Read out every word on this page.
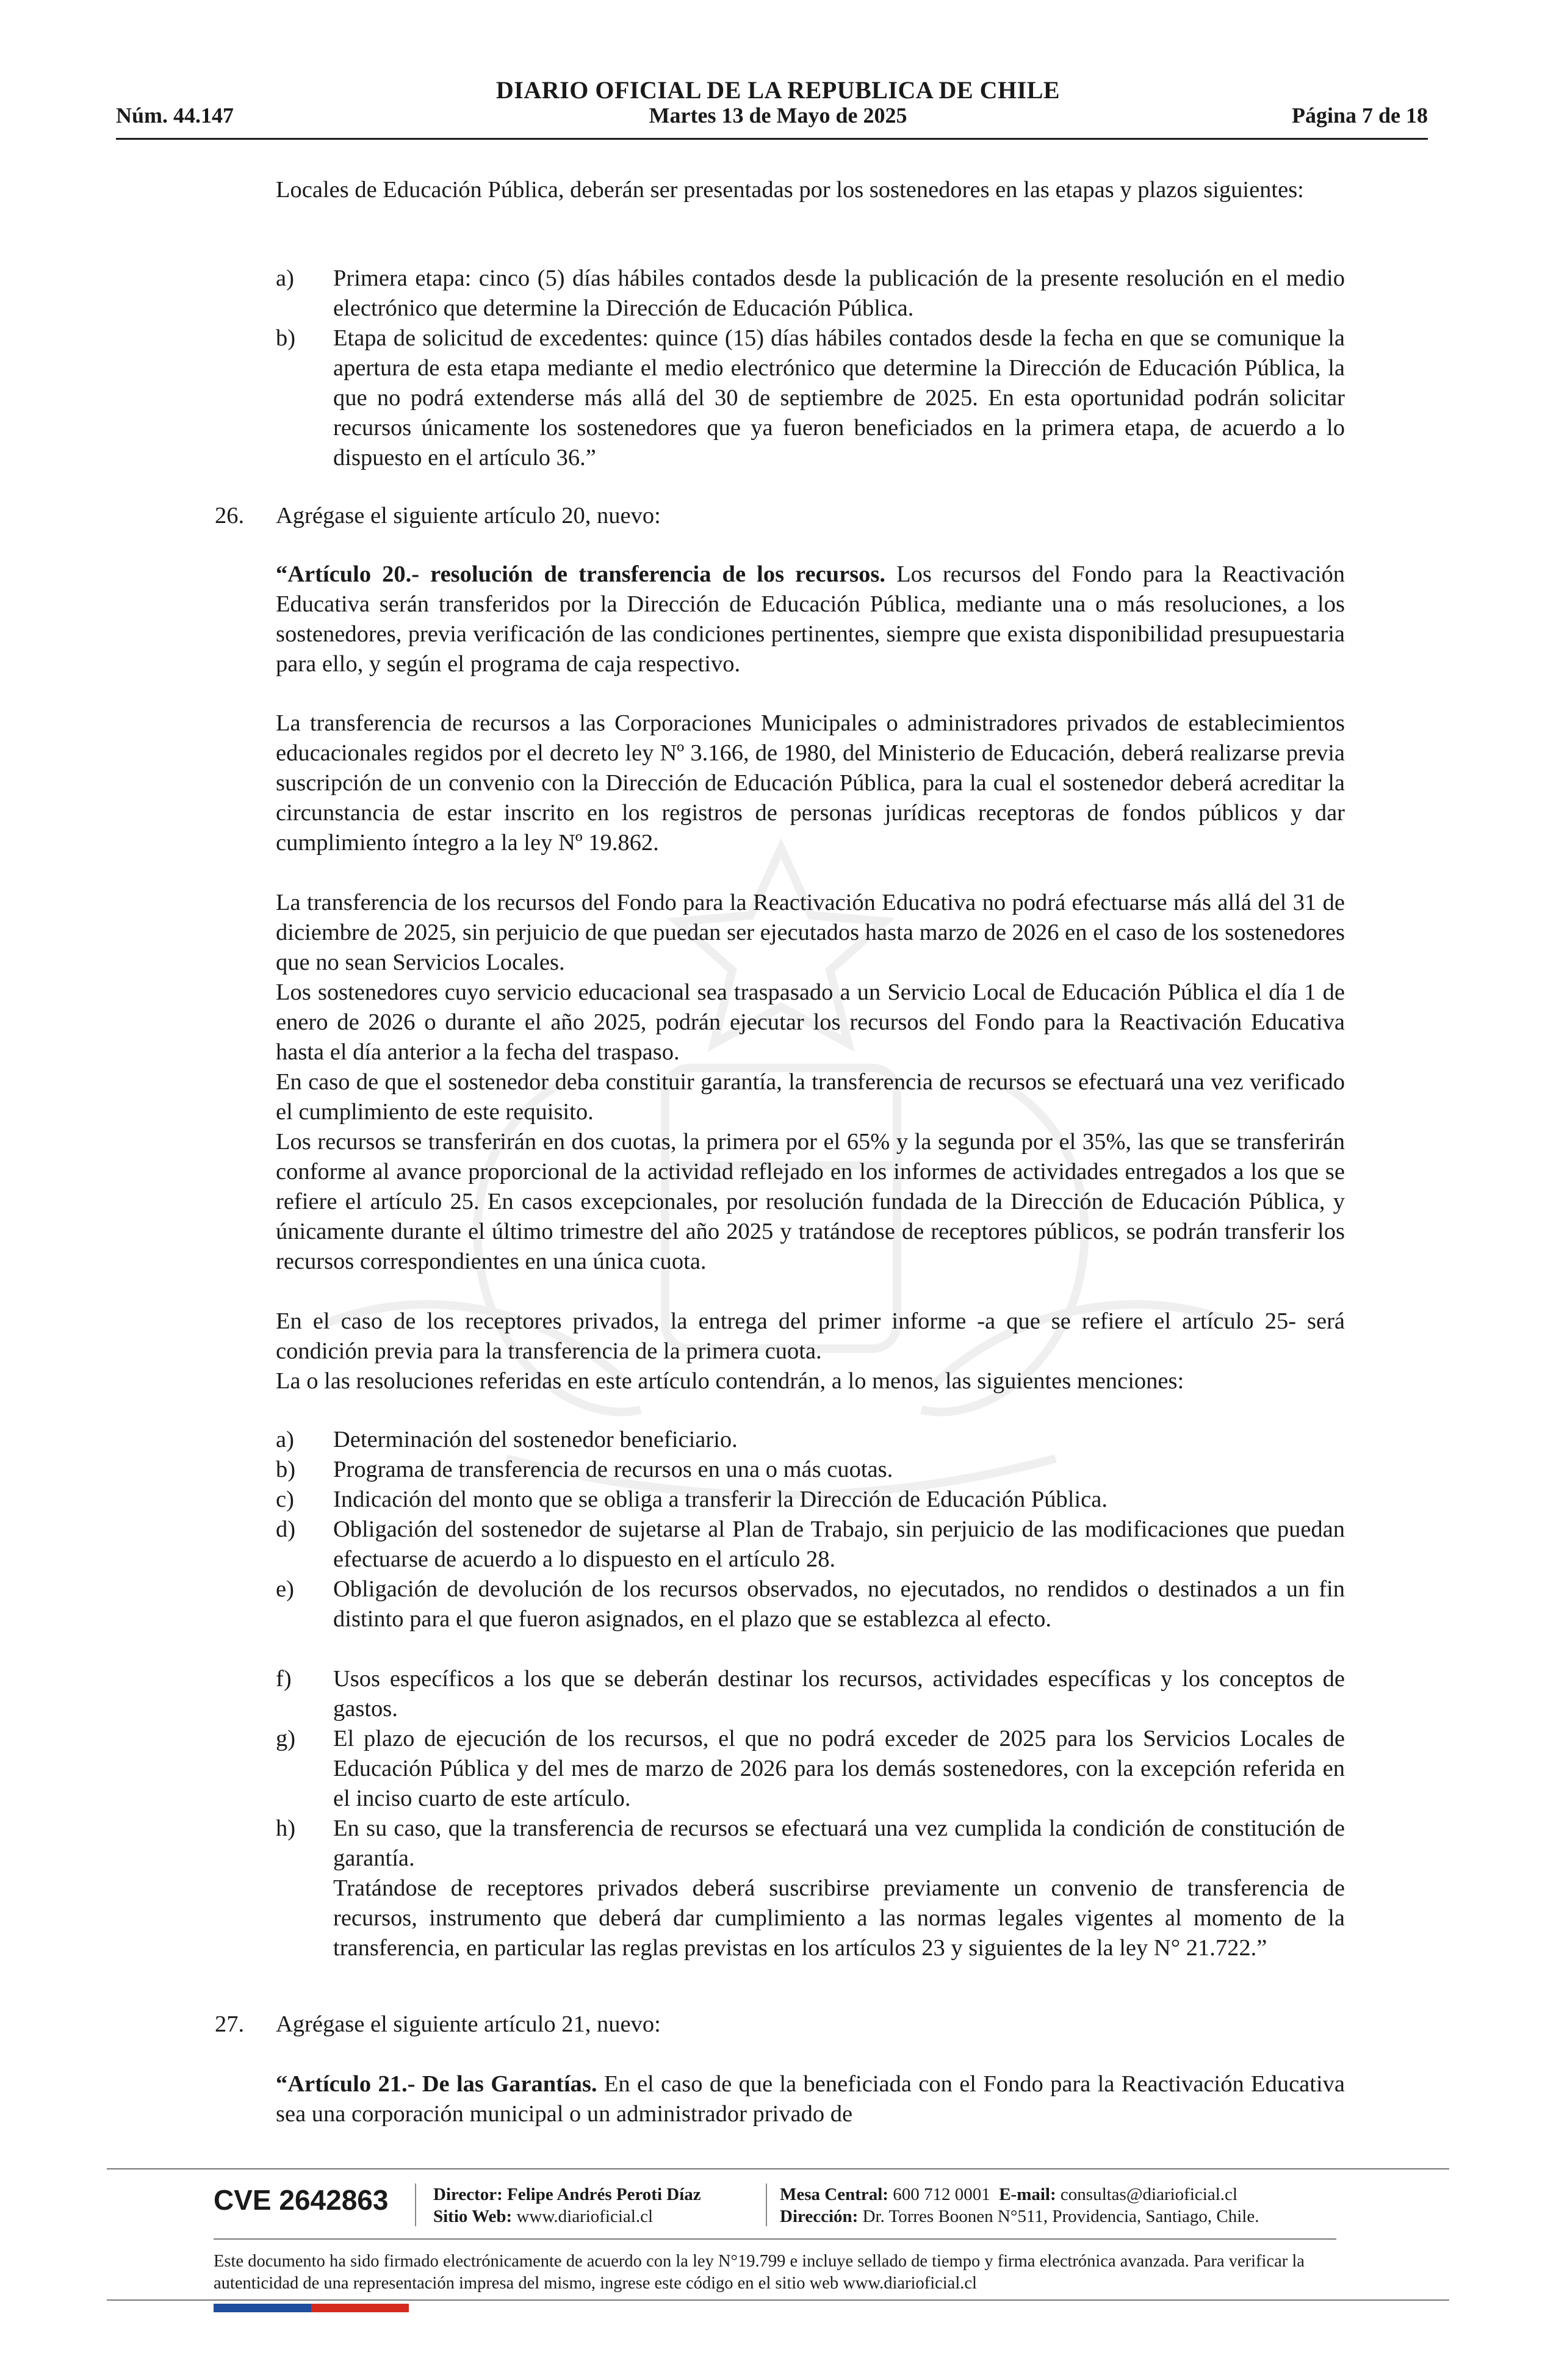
DIARIO OFICIAL DE LA REPUBLICA DE CHILE
Núm. 44.147	Martes 13 de Mayo de 2025	Página 7 de 18

Locales de Educación Pública, deberán ser presentadas por los sostenedores en las etapas y plazos siguientes:

a) Primera etapa: cinco (5) días hábiles contados desde la publicación de la presente resolución en el medio electrónico que determine la Dirección de Educación Pública.

b) Etapa de solicitud de excedentes: quince (15) días hábiles contados desde la fecha en que se comunique la apertura de esta etapa mediante el medio electrónico que determine la Dirección de Educación Pública, la que no podrá extenderse más allá del 30 de septiembre de 2025. En esta oportunidad podrán solicitar recursos únicamente los sostenedores que ya fueron beneficiados en la primera etapa, de acuerdo a lo dispuesto en el artículo 36.”

26. Agrégase el siguiente artículo 20, nuevo:

“Artículo 20.- resolución de transferencia de los recursos. Los recursos del Fondo para la Reactivación Educativa serán transferidos por la Dirección de Educación Pública, mediante una o más resoluciones, a los sostenedores, previa verificación de las condiciones pertinentes, siempre que exista disponibilidad presupuestaria para ello, y según el programa de caja respectivo.

La transferencia de recursos a las Corporaciones Municipales o administradores privados de establecimientos educacionales regidos por el decreto ley Nº 3.166, de 1980, del Ministerio de Educación, deberá realizarse previa suscripción de un convenio con la Dirección de Educación Pública, para la cual el sostenedor deberá acreditar la circunstancia de estar inscrito en los registros de personas jurídicas receptoras de fondos públicos y dar cumplimiento íntegro a la ley Nº 19.862.

La transferencia de los recursos del Fondo para la Reactivación Educativa no podrá efectuarse más allá del 31 de diciembre de 2025, sin perjuicio de que puedan ser ejecutados hasta marzo de 2026 en el caso de los sostenedores que no sean Servicios Locales.

Los sostenedores cuyo servicio educacional sea traspasado a un Servicio Local de Educación Pública el día 1 de enero de 2026 o durante el año 2025, podrán ejecutar los recursos del Fondo para la Reactivación Educativa hasta el día anterior a la fecha del traspaso.

En caso de que el sostenedor deba constituir garantía, la transferencia de recursos se efectuará una vez verificado el cumplimiento de este requisito.

Los recursos se transferirán en dos cuotas, la primera por el 65% y la segunda por el 35%, las que se transferirán conforme al avance proporcional de la actividad reflejado en los informes de actividades entregados a los que se refiere el artículo 25. En casos excepcionales, por resolución fundada de la Dirección de Educación Pública, y únicamente durante el último trimestre del año 2025 y tratándose de receptores públicos, se podrán transferir los recursos correspondientes en una única cuota.

En el caso de los receptores privados, la entrega del primer informe -a que se refiere el artículo 25- será condición previa para la transferencia de la primera cuota.

La o las resoluciones referidas en este artículo contendrán, a lo menos, las siguientes menciones:

a) Determinación del sostenedor beneficiario.

b) Programa de transferencia de recursos en una o más cuotas.

c) Indicación del monto que se obliga a transferir la Dirección de Educación Pública.

d) Obligación del sostenedor de sujetarse al Plan de Trabajo, sin perjuicio de las modificaciones que puedan efectuarse de acuerdo a lo dispuesto en el artículo 28.

e) Obligación de devolución de los recursos observados, no ejecutados, no rendidos o destinados a un fin distinto para el que fueron asignados, en el plazo que se establezca al efecto.

f) Usos específicos a los que se deberán destinar los recursos, actividades específicas y los conceptos de gastos.

g) El plazo de ejecución de los recursos, el que no podrá exceder de 2025 para los Servicios Locales de Educación Pública y del mes de marzo de 2026 para los demás sostenedores, con la excepción referida en el inciso cuarto de este artículo.

h) En su caso, que la transferencia de recursos se efectuará una vez cumplida la condición de constitución de garantía.

Tratándose de receptores privados deberá suscribirse previamente un convenio de transferencia de recursos, instrumento que deberá dar cumplimiento a las normas legales vigentes al momento de la transferencia, en particular las reglas previstas en los artículos 23 y siguientes de la ley N° 21.722.”

27. Agrégase el siguiente artículo 21, nuevo:

“Artículo 21.- De las Garantías. En el caso de que la beneficiada con el Fondo para la Reactivación Educativa sea una corporación municipal o un administrador privado de

CVE 2642863	Director: Felipe Andrés Peroti Díaz
Sitio Web: www.diarioficial.cl
Mesa Central: 600 712 0001 E-mail: consultas@diarioficial.cl
Dirección: Dr. Torres Boonen N°511, Providencia, Santiago, Chile.
Este documento ha sido firmado electrónicamente de acuerdo con la ley N°19.799 e incluye sellado de tiempo y firma electrónica avanzada. Para verificar la autenticidad de una representación impresa del mismo, ingrese este código en el sitio web www.diarioficial.cl
